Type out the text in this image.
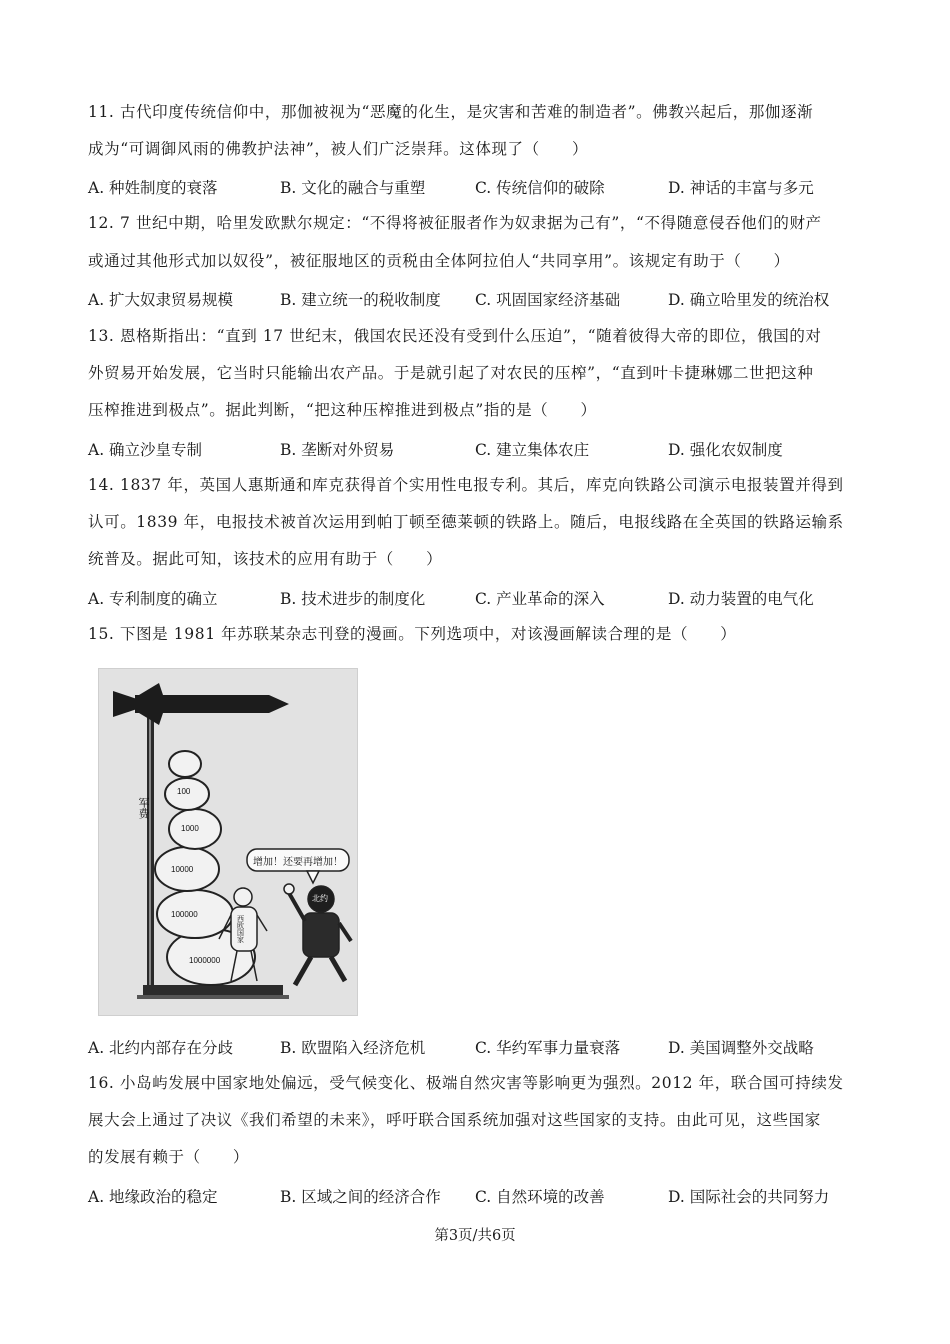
11. 古代印度传统信仰中，那伽被视为“恶魔的化生，是灾害和苦难的制造者”。佛教兴起后，那伽逐渐
成为“可调御风雨的佛教护法神”，被人们广泛崇拜。这体现了（　　）
A. 种姓制度的衰落	B. 文化的融合与重塑	C. 传统信仰的破除	D. 神话的丰富与多元
12. 7 世纪中期，哈里发欧默尔规定：“不得将被征服者作为奴隶据为己有”，“不得随意侵吞他们的财产
或通过其他形式加以奴役”，被征服地区的贡税由全体阿拉伯人“共同享用”。该规定有助于（　　）
A. 扩大奴隶贸易规模	B. 建立统一的税收制度 C. 巩固国家经济基础	D. 确立哈里发的统治权
13. 恩格斯指出：“直到 17 世纪末，俄国农民还没有受到什么压迫”，“随着彼得大帝的即位，俄国的对
外贸易开始发展，它当时只能输出农产品。于是就引起了对农民的压榨”，“直到叶卡捷琳娜二世把这种
压榨推进到极点”。据此判断，“把这种压榨推进到极点”指的是（　　）
A. 确立沙皇专制	B. 垄断对外贸易	C. 建立集体农庄	D. 强化农奴制度
14. 1837 年，英国人惠斯通和库克获得首个实用性电报专利。其后，库克向铁路公司演示电报装置并得到
认可。1839 年，电报技术被首次运用到帕丁顿至德莱顿的铁路上。随后，电报线路在全英国的铁路运输系
统普及。据此可知，该技术的应用有助于（　　）
A. 专利制度的确立	B. 技术进步的制度化	C. 产业革命的深入	D. 动力装置的电气化
15. 下图是 1981 年苏联某杂志刊登的漫画。下列选项中，对该漫画解读合理的是（　　）
军费
100
1000
10000
100000
1000000
增加！还要再增加！
西欧国家
北约
A. 北约内部存在分歧	B. 欧盟陷入经济危机	C. 华约军事力量衰落	D. 美国调整外交战略
16. 小岛屿发展中国家地处偏远，受气候变化、极端自然灾害等影响更为强烈。2012 年，联合国可持续发
展大会上通过了决议《我们希望的未来》，呼吁联合国系统加强对这些国家的支持。由此可见，这些国家
的发展有赖于（　　）
A. 地缘政治的稳定	B. 区域之间的经济合作 C. 自然环境的改善	D. 国际社会的共同努力
第3页/共6页
